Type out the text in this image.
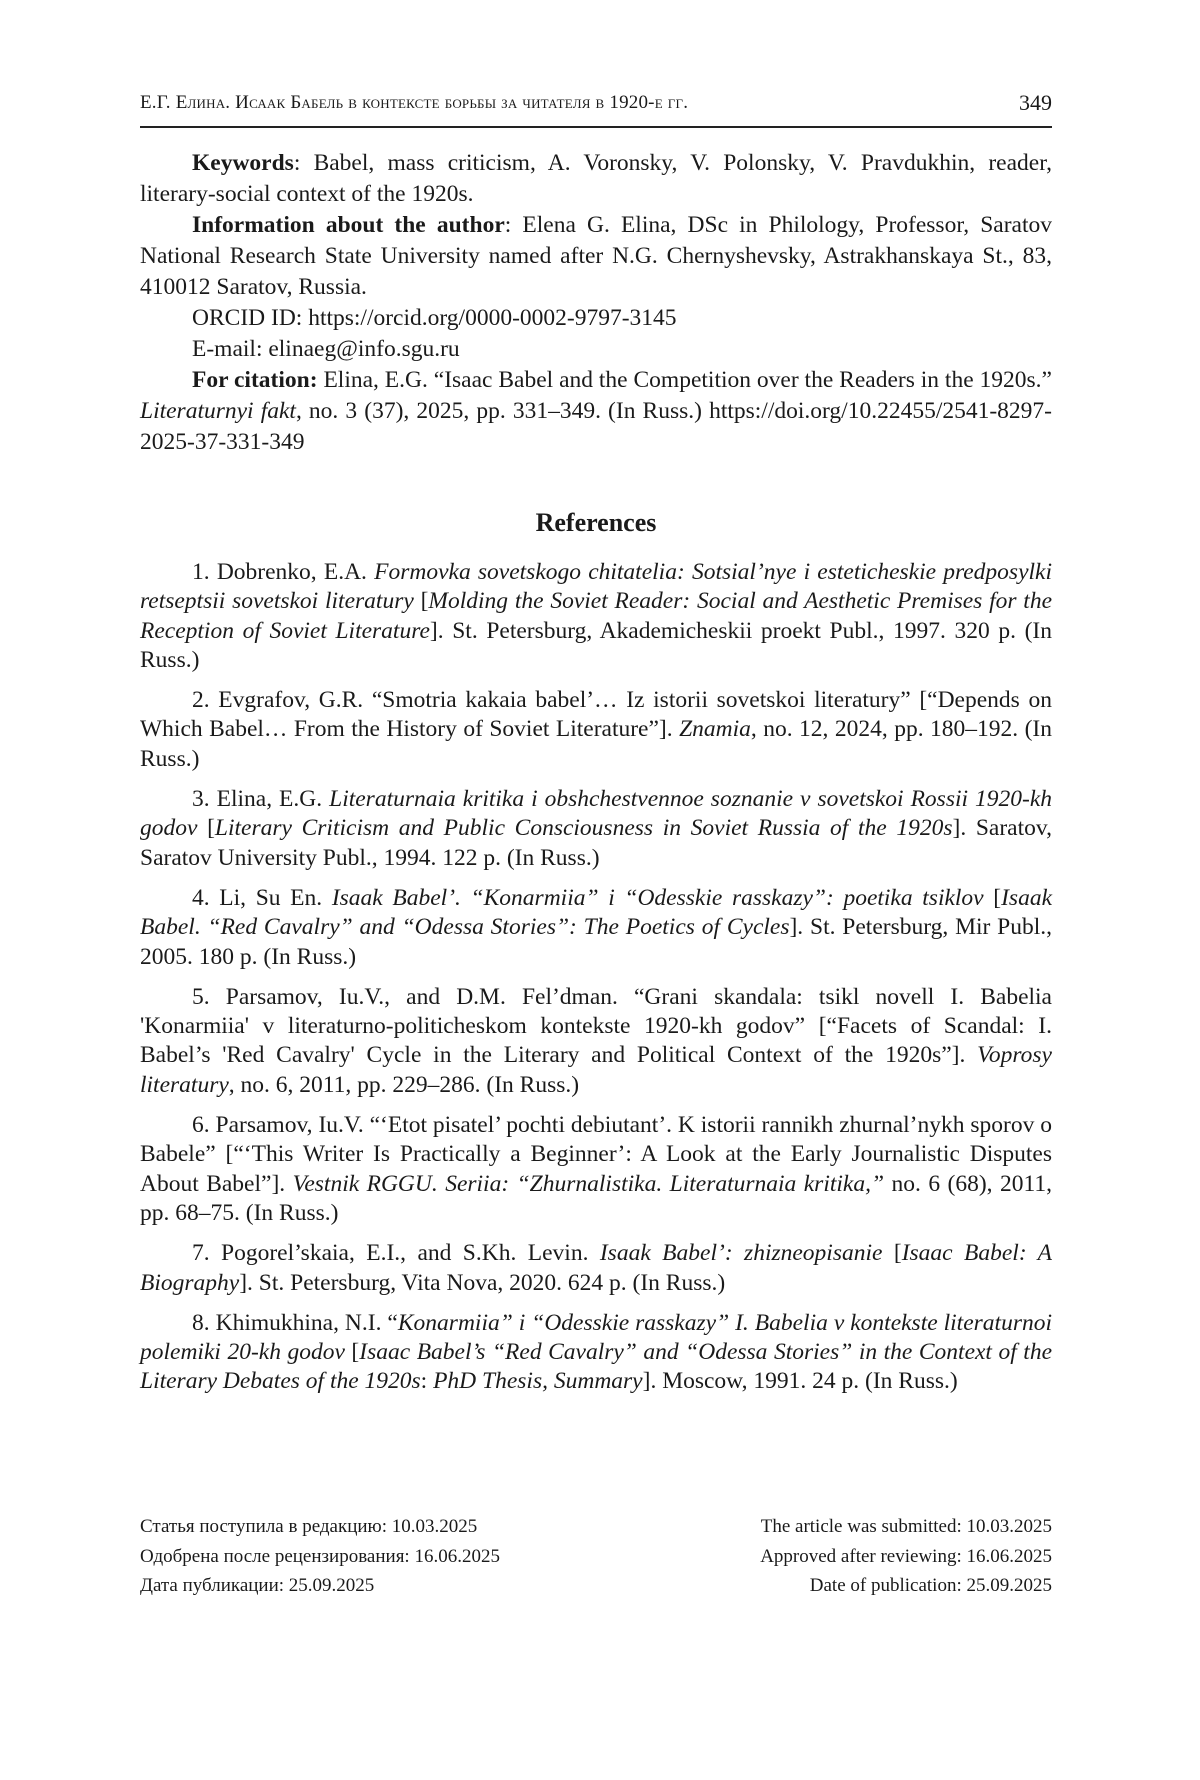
Е.Г. Елина. Исаак Бабель в контексте борьбы за читателя в 1920-е гг.	349

Keywords: Babel, mass criticism, A. Voronsky, V. Polonsky, V. Pravdukhin, reader, literary-social context of the 1920s.

Information about the author: Elena G. Elina, DSc in Philology, Professor, Saratov National Research State University named after N.G. Chernyshevsky, Astrakhanskaya St., 83, 410012 Saratov, Russia.

ORCID ID: https://orcid.org/0000-0002-9797-3145

E-mail: elinaeg@info.sgu.ru

For citation: Elina, E.G. “Isaac Babel and the Competition over the Readers in the 1920s.” Literaturnyi fakt, no. 3 (37), 2025, pp. 331–349. (In Russ.) https://doi.org/10.22455/2541-8297-2025-37-331-349

References

1. Dobrenko, E.A. Formovka sovetskogo chitatelia: Sotsial’nye i esteticheskie predposylki retseptsii sovetskoi literatury [Molding the Soviet Reader: Social and Aesthetic Premises for the Reception of Soviet Literature]. St. Petersburg, Akademicheskii proekt Publ., 1997. 320 p. (In Russ.)

2. Evgrafov, G.R. “Smotria kakaia babel’… Iz istorii sovetskoi literatury” [“Depends on Which Babel… From the History of Soviet Literature”]. Znamia, no. 12, 2024, pp. 180–192. (In Russ.)

3. Elina, E.G. Literaturnaia kritika i obshchestvennoe soznanie v sovetskoi Rossii 1920-kh godov [Literary Criticism and Public Consciousness in Soviet Russia of the 1920s]. Saratov, Saratov University Publ., 1994. 122 p. (In Russ.)

4. Li, Su En. Isaak Babel’. “Konarmiia” i “Odesskie rasskazy”: poetika tsiklov [Isaak Babel. “Red Cavalry” and “Odessa Stories”: The Poetics of Cycles]. St. Petersburg, Mir Publ., 2005. 180 p. (In Russ.)

5. Parsamov, Iu.V., and D.M. Fel’dman. “Grani skandala: tsikl novell I. Babelia 'Konarmiia' v literaturno-politicheskom kontekste 1920-kh godov” [“Facets of Scandal: I. Babel’s 'Red Cavalry' Cycle in the Literary and Political Context of the 1920s”]. Voprosy literatury, no. 6, 2011, pp. 229–286. (In Russ.)

6. Parsamov, Iu.V. “‘Etot pisatel’ pochti debiutant’. K istorii rannikh zhurnal’nykh sporov o Babele” [“‘This Writer Is Practically a Beginner’: A Look at the Early Journalistic Disputes About Babel”]. Vestnik RGGU. Seriia: “Zhurnalistika. Literaturnaia kritika,” no. 6 (68), 2011, pp. 68–75. (In Russ.)

7. Pogorel’skaia, E.I., and S.Kh. Levin. Isaak Babel’: zhizneopisanie [Isaac Babel: A Biography]. St. Petersburg, Vita Nova, 2020. 624 p. (In Russ.)

8. Khimukhina, N.I. “Konarmiia” i “Odesskie rasskazy” I. Babelia v kontekste literaturnoi polemiki 20-kh godov [Isaac Babel’s “Red Cavalry” and “Odessa Stories” in the Context of the Literary Debates of the 1920s: PhD Thesis, Summary]. Moscow, 1991. 24 p. (In Russ.)

Статья поступила в редакцию: 10.03.2025
Одобрена после рецензирования: 16.06.2025
Дата публикации: 25.09.2025
The article was submitted: 10.03.2025
Approved after reviewing: 16.06.2025
Date of publication: 25.09.2025
